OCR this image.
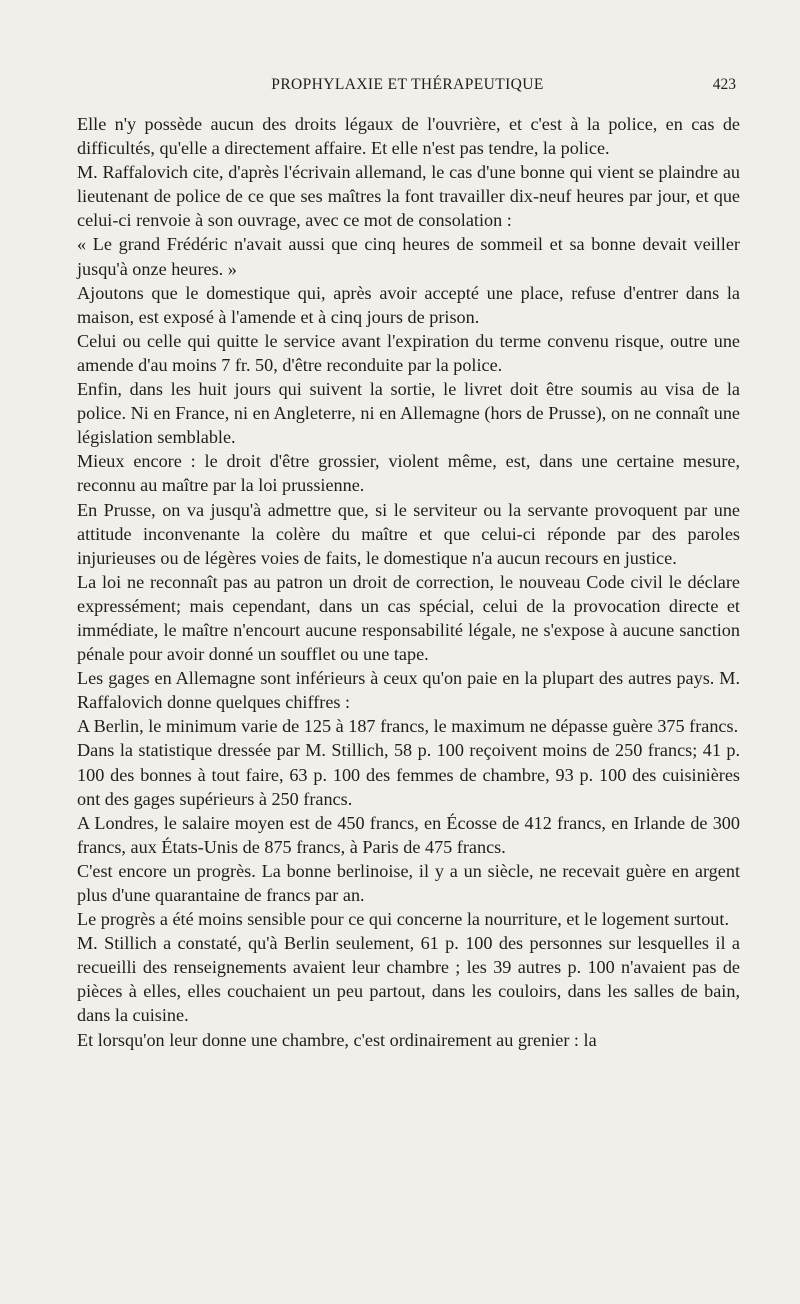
PROPHYLAXIE ET THÉRAPEUTIQUE	423

Elle n'y possède aucun des droits légaux de l'ouvrière, et c'est à la police, en cas de difficultés, qu'elle a directement affaire. Et elle n'est pas tendre, la police.

M. Raffalovich cite, d'après l'écrivain allemand, le cas d'une bonne qui vient se plaindre au lieutenant de police de ce que ses maîtres la font travailler dix-neuf heures par jour, et que celui-ci renvoie à son ouvrage, avec ce mot de consolation :

« Le grand Frédéric n'avait aussi que cinq heures de sommeil et sa bonne devait veiller jusqu'à onze heures. »

Ajoutons que le domestique qui, après avoir accepté une place, refuse d'entrer dans la maison, est exposé à l'amende et à cinq jours de prison.

Celui ou celle qui quitte le service avant l'expiration du terme convenu risque, outre une amende d'au moins 7 fr. 50, d'être reconduite par la police.

Enfin, dans les huit jours qui suivent la sortie, le livret doit être soumis au visa de la police. Ni en France, ni en Angleterre, ni en Allemagne (hors de Prusse), on ne connaît une législation semblable.

Mieux encore : le droit d'être grossier, violent même, est, dans une certaine mesure, reconnu au maître par la loi prussienne.

En Prusse, on va jusqu'à admettre que, si le serviteur ou la servante provoquent par une attitude inconvenante la colère du maître et que celui-ci réponde par des paroles injurieuses ou de légères voies de faits, le domestique n'a aucun recours en justice.

La loi ne reconnaît pas au patron un droit de correction, le nouveau Code civil le déclare expressément; mais cependant, dans un cas spécial, celui de la provocation directe et immédiate, le maître n'encourt aucune responsabilité légale, ne s'expose à aucune sanction pénale pour avoir donné un soufflet ou une tape.

Les gages en Allemagne sont inférieurs à ceux qu'on paie en la plupart des autres pays. M. Raffalovich donne quelques chiffres :

A Berlin, le minimum varie de 125 à 187 francs, le maximum ne dépasse guère 375 francs.

Dans la statistique dressée par M. Stillich, 58 p. 100 reçoivent moins de 250 francs; 41 p. 100 des bonnes à tout faire, 63 p. 100 des femmes de chambre, 93 p. 100 des cuisinières ont des gages supérieurs à 250 francs.

A Londres, le salaire moyen est de 450 francs, en Écosse de 412 francs, en Irlande de 300 francs, aux États-Unis de 875 francs, à Paris de 475 francs.

C'est encore un progrès. La bonne berlinoise, il y a un siècle, ne recevait guère en argent plus d'une quarantaine de francs par an.

Le progrès a été moins sensible pour ce qui concerne la nourriture, et le logement surtout.

M. Stillich a constaté, qu'à Berlin seulement, 61 p. 100 des personnes sur lesquelles il a recueilli des renseignements avaient leur chambre ; les 39 autres p. 100 n'avaient pas de pièces à elles, elles couchaient un peu partout, dans les couloirs, dans les salles de bain, dans la cuisine.

Et lorsqu'on leur donne une chambre, c'est ordinairement au grenier : la
